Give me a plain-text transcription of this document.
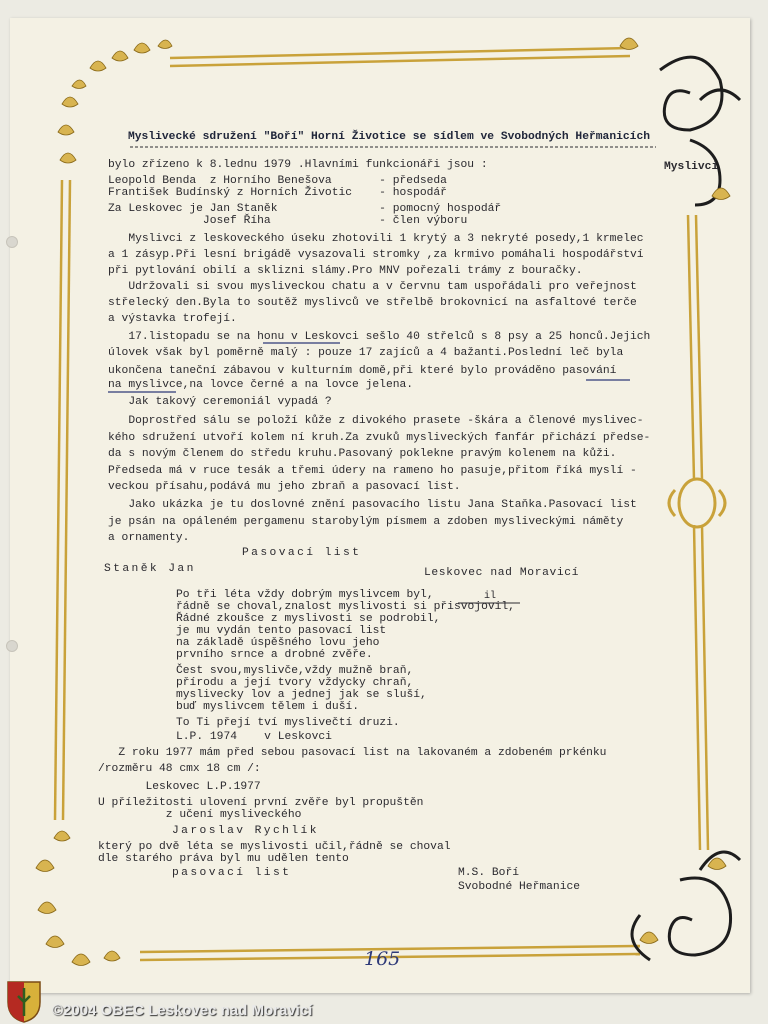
Myslivecké sdružení "Boří" Horní Životice se sídlem ve Svobodných Heřmanicích
Myslivci
bylo zřízeno k 8.lednu 1979 .Hlavními funkcionáři jsou :
Leopold Benda  z Horního Benešova       - předseda
František Budínský z Horních Životic    - hospodář
Za Leskovec je Jan Staněk               - pomocný hospodář
Josef Říha                - člen výboru
Myslivci z leskoveckého úseku zhotovili 1 krytý a 3 nekryté posedy,1 krmelec
a 1 zásyp.Při lesní brigádě vysazovali stromky ,za krmivo pomáhali hospodářství
při pytlování obilí a sklizni slámy.Pro MNV pořezali trámy z bouračky.
Udržovali si svou mysliveckou chatu a v červnu tam uspořádali pro veřejnost
střelecký den.Byla to soutěž myslivců ve střelbě brokovnicí na asfaltové terče
a výstavka trofejí.
17.listopadu se na honu v Leskovci sešlo 40 střelců s 8 psy a 25 honců.Jejich
úlovek však byl poměrně malý : pouze 17 zajíců a 4 bažanti.Poslední leč byla
ukončena taneční zábavou v kulturním domě,při které bylo prováděno pasování
na myslivce,na lovce černé a na lovce jelena.
Jak takový ceremoniál vypadá ?
Doprostřed sálu se položí kůže z divokého prasete -škára a členové mysliveс-
kého sdružení utvoří kolem ní kruh.Za zvuků mysliveckých fanfár přichází předse-
da s novým členem do středu kruhu.Pasovaný poklekne pravým kolenem na kůži.
Předseda má v ruce tesák a třemi údery na rameno ho pasuje,přitom říká myslí -
veckou přísahu,podává mu jeho zbraň a pasovací list.
Jako ukázka je tu doslovné znění pasovacího listu Jana Staňka.Pasovací list
je psán na opáleném pergamenu starobylým písmem a zdoben mysliveckými náměty
a ornamenty.
Pasovací list
Staněk Jan	Leskovec nad Moravicí
Po tři léta vždy dobrým myslivcem byl,	il
řádně se choval,znalost myslivosti si přisvojovil,
Řádné zkoušce z myslivosti se podrobil,
je mu vydán tento pasovací list
na základě úspěšného lovu jeho
prvního srnce a drobné zvěře.
Čest svou,myslivče,vždy mužně braň,
přírodu a její tvory vždycky chraň,
myslivecky lov a jednej jak se sluší,
buď myslivcem tělem i duší.
To Ti přejí tví myslivečtí druzi.
L.P. 1974    v Leskovci
Z roku 1977 mám před sebou pasovací list na lakovaném a zdobeném prkénku
/rozměru 48 cmx 18 cm /:
Leskovec L.P.1977
U příležitosti ulovení první zvěře byl propuštěn
z učení mysliveckého
Jaroslav Rychlík
který po dvě léta se myslivosti učil,řádně se choval
dle starého práva byl mu udělen tento
pasovací list	M.S. Boří
Svobodné Heřmanice
165
©2004 OBEC Leskovec nad Moravicí
